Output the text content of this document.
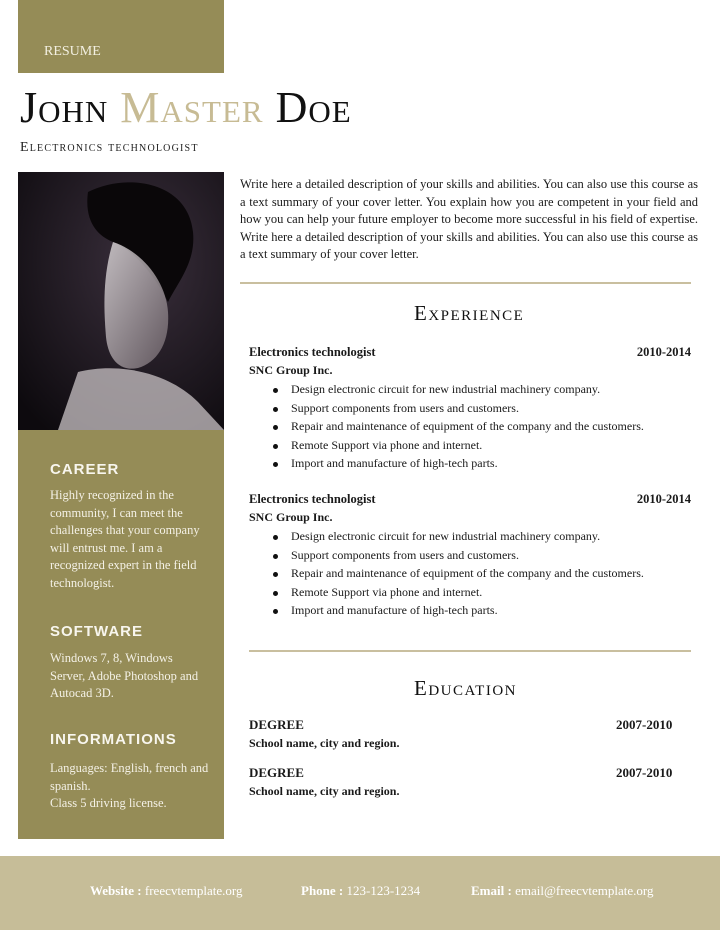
RESUME
John Master Doe
Electronics technologist
CAREER
Highly recognized in the community, I can meet the challenges that your company will entrust me. I am a recognized expert in the field technologist.
SOFTWARE
Windows 7, 8, Windows Server, Adobe Photoshop and Autocad 3D.
INFORMATIONS
Languages: English, french and spanish.
Class 5 driving license.
Write here a detailed description of your skills and abilities. You can also use this course as a text summary of your cover letter. You explain how you are competent in your field and how you can help your future employer to become more successful in his field of expertise. Write here a detailed description of your skills and abilities. You can also use this course as a text summary of your cover letter.
Experience
Electronics technologist	2010-2014
SNC Group Inc.
Design electronic circuit for new industrial machinery company.
Support components from users and customers.
Repair and maintenance of equipment of the company and the customers.
Remote Support via phone and internet.
Import and manufacture of high-tech parts.
Electronics technologist	2010-2014
SNC Group Inc.
Design electronic circuit for new industrial machinery company.
Support components from users and customers.
Repair and maintenance of equipment of the company and the customers.
Remote Support via phone and internet.
Import and manufacture of high-tech parts.
Education
DEGREE	2007-2010
School name, city and region.
DEGREE	2007-2010
School name, city and region.
Website : freecvtemplate.org	Phone : 123-123-1234	Email : email@freecvtemplate.org
